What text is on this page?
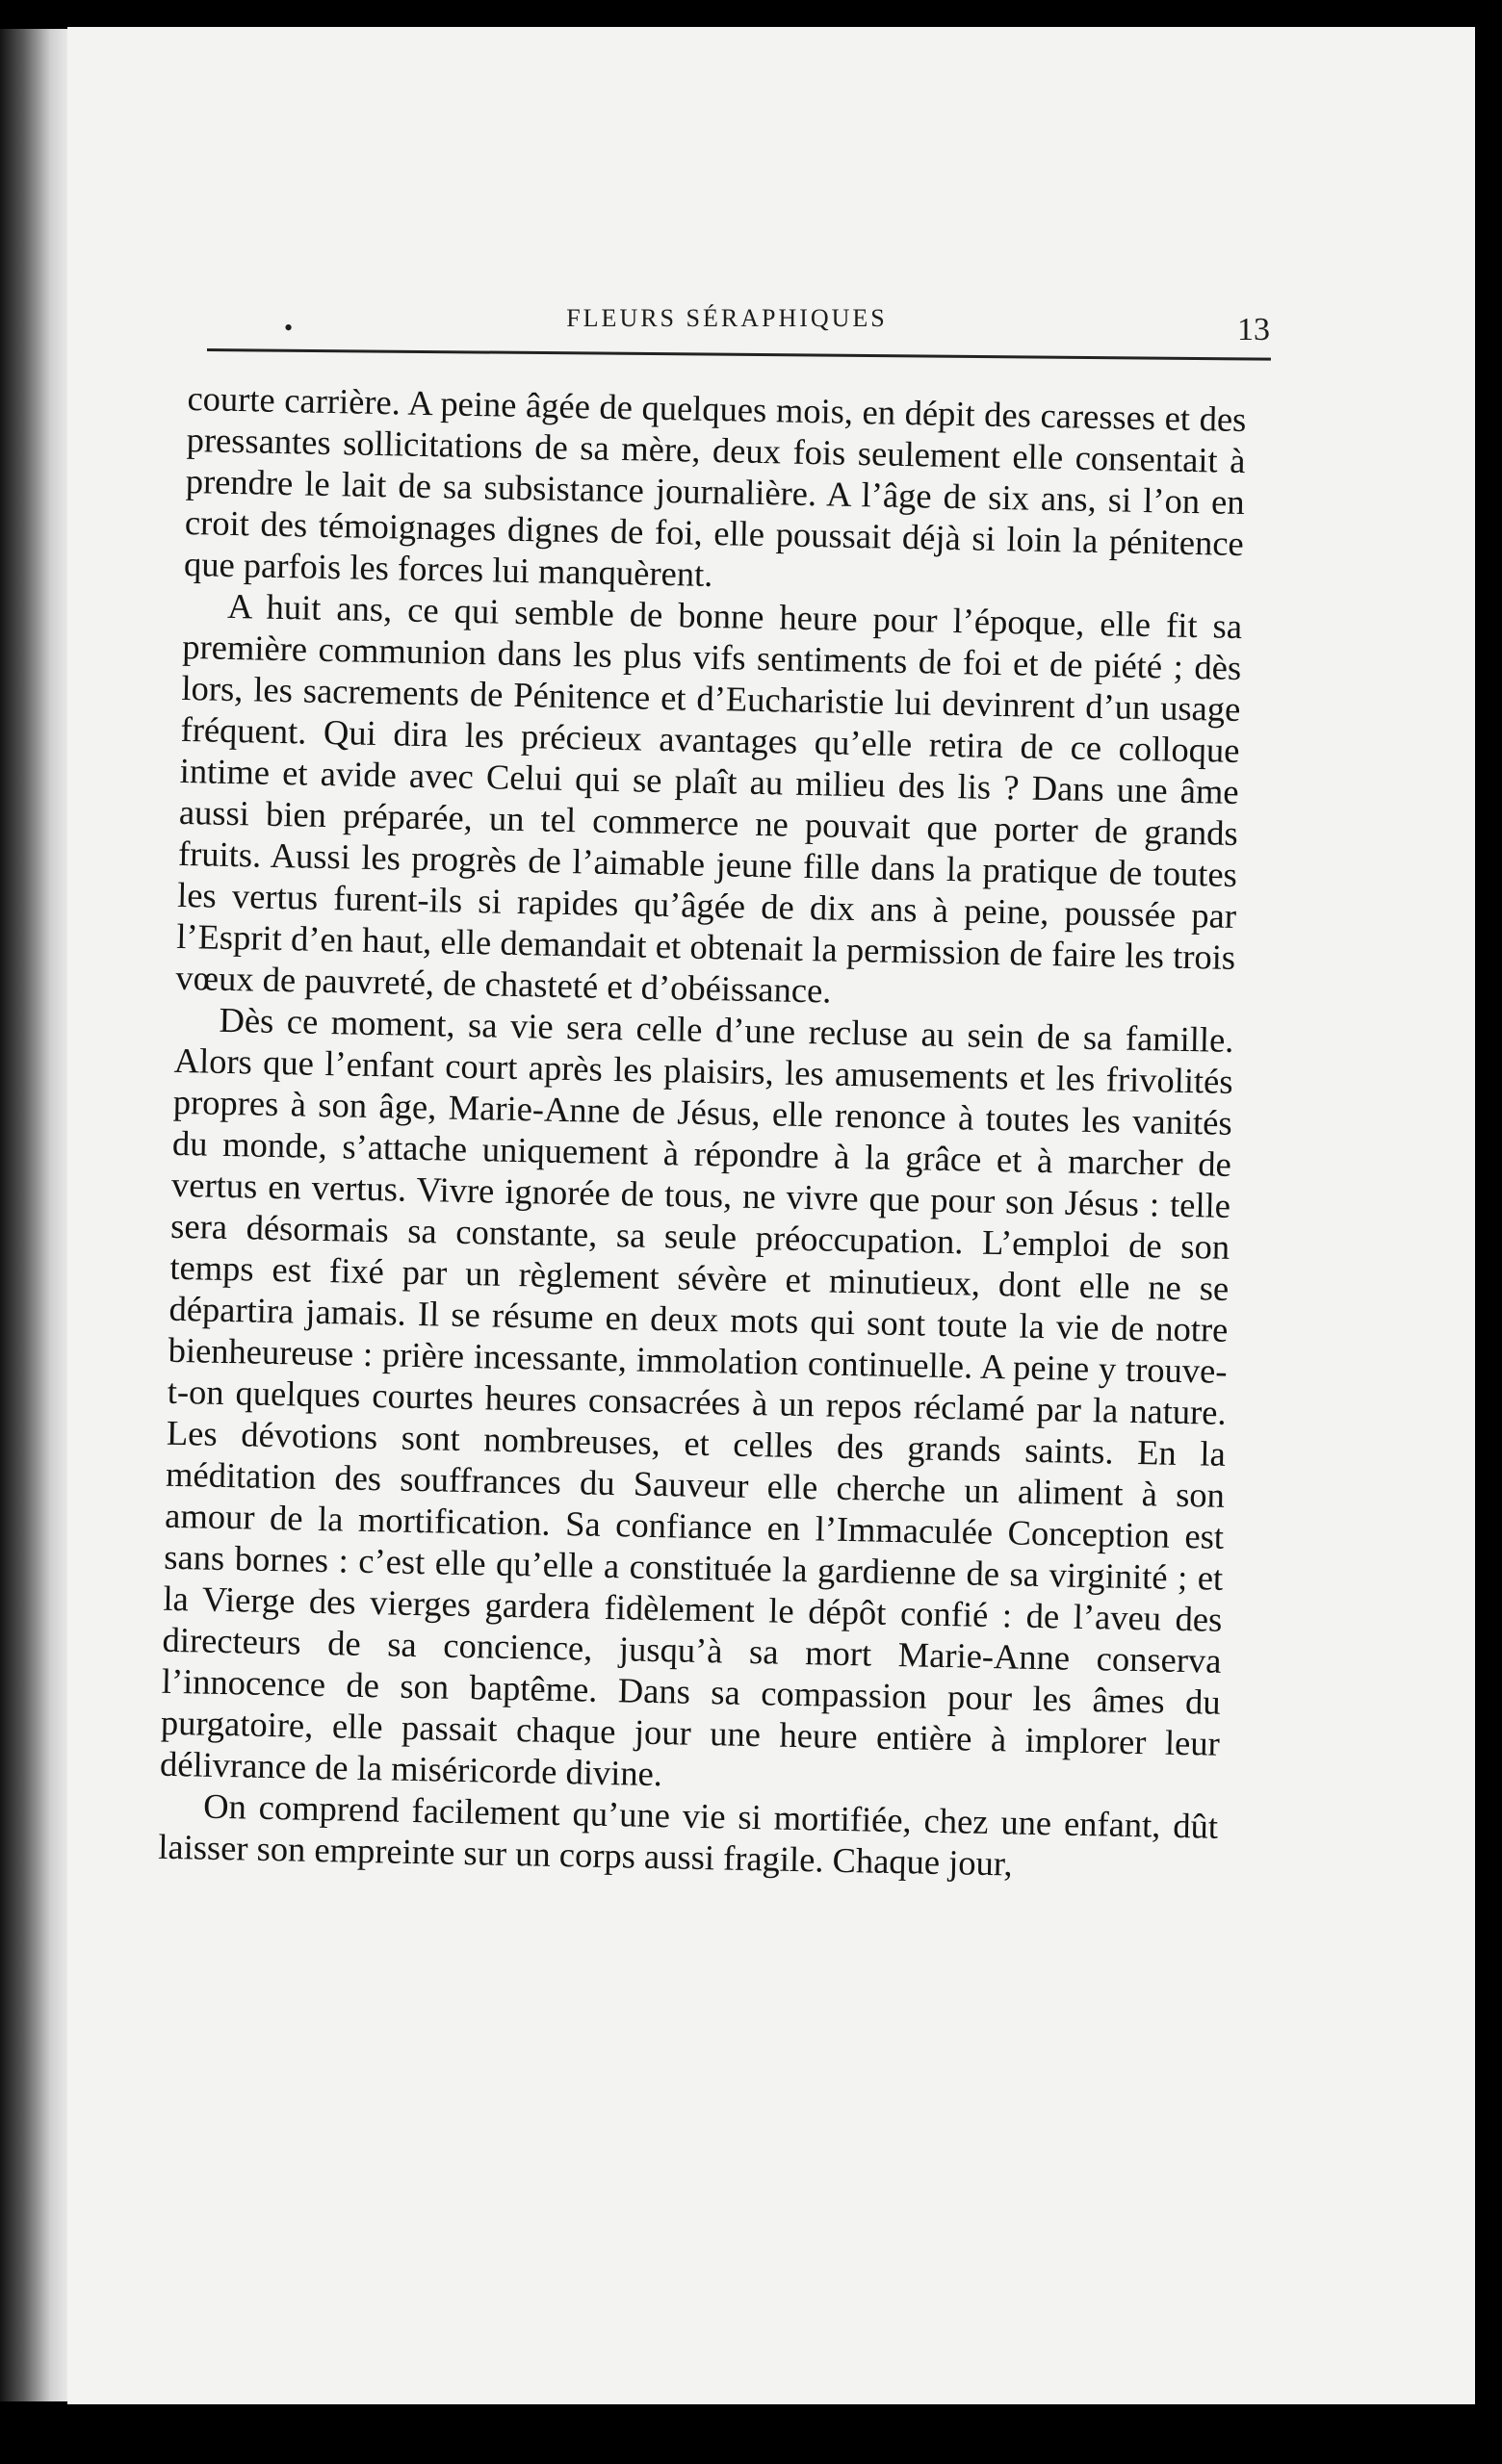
•	FLEURS SÉRAPHIQUES	13

courte carrière. A peine âgée de quelques mois, en dépit des caresses et des pressantes sollicitations de sa mère, deux fois seulement elle consentait à prendre le lait de sa subsistance journalière. A l’âge de six ans, si l’on en croit des témoignages dignes de foi, elle poussait déjà si loin la pénitence que parfois les forces lui manquèrent.

A huit ans, ce qui semble de bonne heure pour l’époque, elle fit sa première communion dans les plus vifs sentiments de foi et de piété ; dès lors, les sacrements de Pénitence et d’Eucharistie lui devinrent d’un usage fréquent. Qui dira les précieux avantages qu’elle retira de ce colloque intime et avide avec Celui qui se plaît au milieu des lis ? Dans une âme aussi bien préparée, un tel commerce ne pouvait que porter de grands fruits. Aussi les progrès de l’aimable jeune fille dans la pratique de toutes les vertus furent-ils si rapides qu’âgée de dix ans à peine, poussée par l’Esprit d’en haut, elle demandait et obtenait la permission de faire les trois vœux de pauvreté, de chasteté et d’obéissance.

Dès ce moment, sa vie sera celle d’une recluse au sein de sa famille. Alors que l’enfant court après les plaisirs, les amusements et les frivolités propres à son âge, Marie-Anne de Jésus, elle renonce à toutes les vanités du monde, s’attache uniquement à répondre à la grâce et à marcher de vertus en vertus. Vivre ignorée de tous, ne vivre que pour son Jésus : telle sera désormais sa constante, sa seule préoccupation. L’emploi de son temps est fixé par un règlement sévère et minutieux, dont elle ne se départira jamais. Il se résume en deux mots qui sont toute la vie de notre bienheureuse : prière incessante, immolation continuelle. A peine y trouve-t-on quelques courtes heures consacrées à un repos réclamé par la nature. Les dévotions sont nombreuses, et celles des grands saints. En la méditation des souffrances du Sauveur elle cherche un aliment à son amour de la mortification. Sa confiance en l’Immaculée Conception est sans bornes : c’est elle qu’elle a constituée la gardienne de sa virginité ; et la Vierge des vierges gardera fidèlement le dépôt confié : de l’aveu des directeurs de sa concience, jusqu’à sa mort Marie-Anne conserva l’innocence de son baptême. Dans sa compassion pour les âmes du purgatoire, elle passait chaque jour une heure entière à implorer leur délivrance de la miséricorde divine.

On comprend facilement qu’une vie si mortifiée, chez une enfant, dût laisser son empreinte sur un corps aussi fragile. Chaque jour,
